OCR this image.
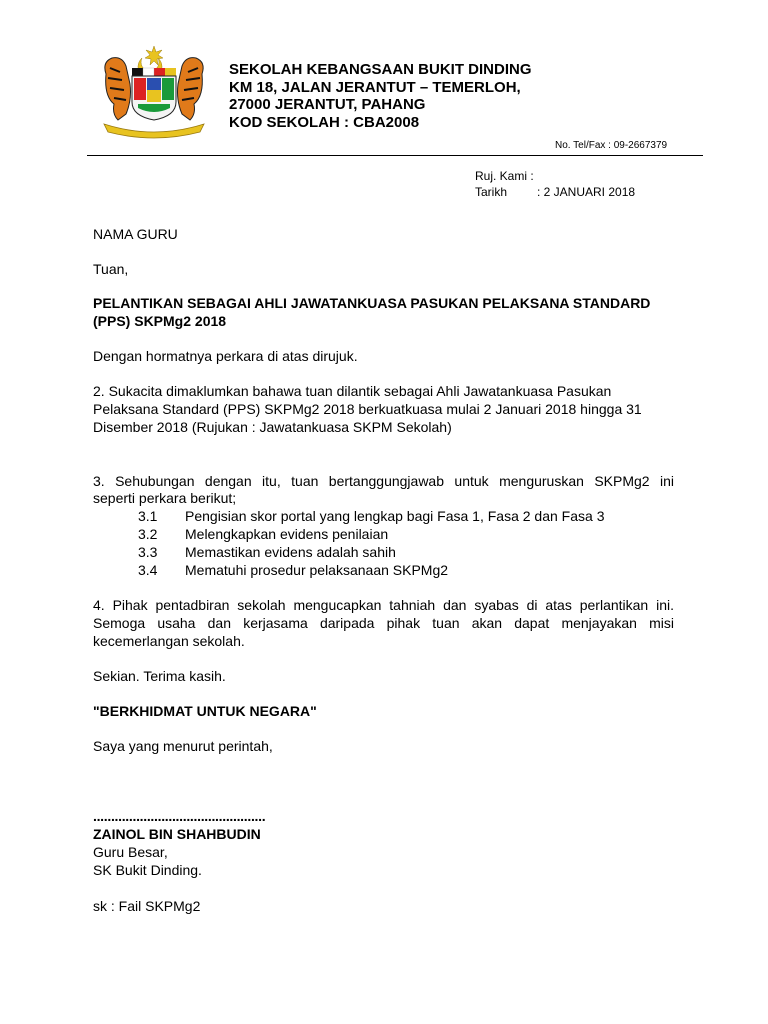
SEKOLAH KEBANGSAAN BUKIT DINDING
KM 18, JALAN JERANTUT – TEMERLOH,
27000 JERANTUT, PAHANG
KOD SEKOLAH : CBA2008
No. Tel/Fax : 09-2667379
Ruj. Kami :
Tarikh : 2 JANUARI 2018
NAMA GURU
Tuan,
PELANTIKAN SEBAGAI AHLI JAWATANKUASA PASUKAN PELAKSANA STANDARD
(PPS) SKPMg2 2018
Dengan hormatnya perkara di atas dirujuk.
2. Sukacita dimaklumkan bahawa tuan dilantik sebagai Ahli Jawatankuasa Pasukan
Pelaksana Standard (PPS) SKPMg2 2018 berkuatkuasa mulai 2 Januari 2018 hingga 31
Disember 2018 (Rujukan : Jawatankuasa SKPM Sekolah)
3. Sehubungan dengan itu, tuan bertanggungjawab untuk menguruskan SKPMg2 ini
seperti perkara berikut;
3.1 Pengisian skor portal yang lengkap bagi Fasa 1, Fasa 2 dan Fasa 3
3.2 Melengkapkan evidens penilaian
3.3 Memastikan evidens adalah sahih
3.4 Mematuhi prosedur pelaksanaan SKPMg2
4. Pihak pentadbiran sekolah mengucapkan tahniah dan syabas di atas perlantikan ini.
Semoga usaha dan kerjasama daripada pihak tuan akan dapat menjayakan misi
kecemerlangan sekolah.
Sekian. Terima kasih.
"BERKHIDMAT UNTUK NEGARA"
Saya yang menurut perintah,
................................................
ZAINOL BIN SHAHBUDIN
Guru Besar,
SK Bukit Dinding.
sk : Fail SKPMg2
